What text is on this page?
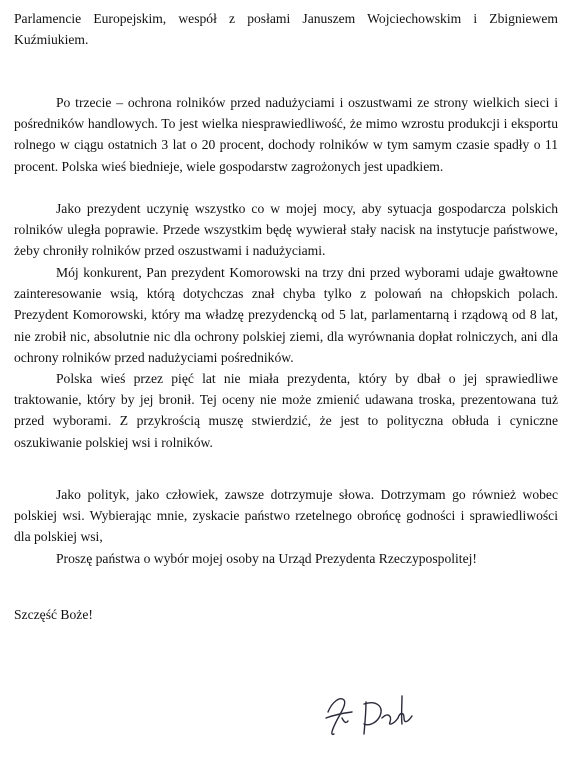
Parlamencie Europejskim, wespół z posłami Januszem Wojciechowskim i Zbigniewem Kuźmiukiem.

Po trzecie – ochrona rolników przed nadużyciami i oszustwami ze strony wielkich sieci i pośredników handlowych. To jest wielka niesprawiedliwość, że mimo wzrostu produkcji i eksportu rolnego w ciągu ostatnich 3 lat o 20 procent, dochody rolników w tym samym czasie spadły o 11 procent. Polska wieś biednieje, wiele gospodarstw zagrożonych jest upadkiem.

Jako prezydent uczynię wszystko co w mojej mocy, aby sytuacja gospodarcza polskich rolników uległa poprawie. Przede wszystkim będę wywierał stały nacisk na instytucje państwowe, żeby chroniły rolników przed oszustwami i nadużyciami.

Mój konkurent, Pan prezydent Komorowski na trzy dni przed wyborami udaje gwałtowne zainteresowanie wsią, którą dotychczas znał chyba tylko z polowań na chłopskich polach. Prezydent Komorowski, który ma władzę prezydencką od 5 lat, parlamentarną i rządową od 8 lat, nie zrobił nic, absolutnie nic dla ochrony polskiej ziemi, dla wyrównania dopłat rolniczych, ani dla ochrony rolników przed nadużyciami pośredników.

Polska wieś przez pięć lat nie miała prezydenta, który by dbał o jej sprawiedliwe traktowanie, który by jej bronił. Tej oceny nie może zmienić udawana troska, prezentowana tuż przed wyborami. Z przykrością muszę stwierdzić, że jest to polityczna obłuda i cyniczne oszukiwanie polskiej wsi i rolników.

Jako polityk, jako człowiek, zawsze dotrzymuje słowa. Dotrzymam go również wobec polskiej wsi. Wybierając mnie, zyskacie państwo rzetelnego obrońcę godności i sprawiedliwości dla polskiej wsi,

Proszę państwa o wybór mojej osoby na Urząd Prezydenta Rzeczypospolitej!

Szczęść Boże!
